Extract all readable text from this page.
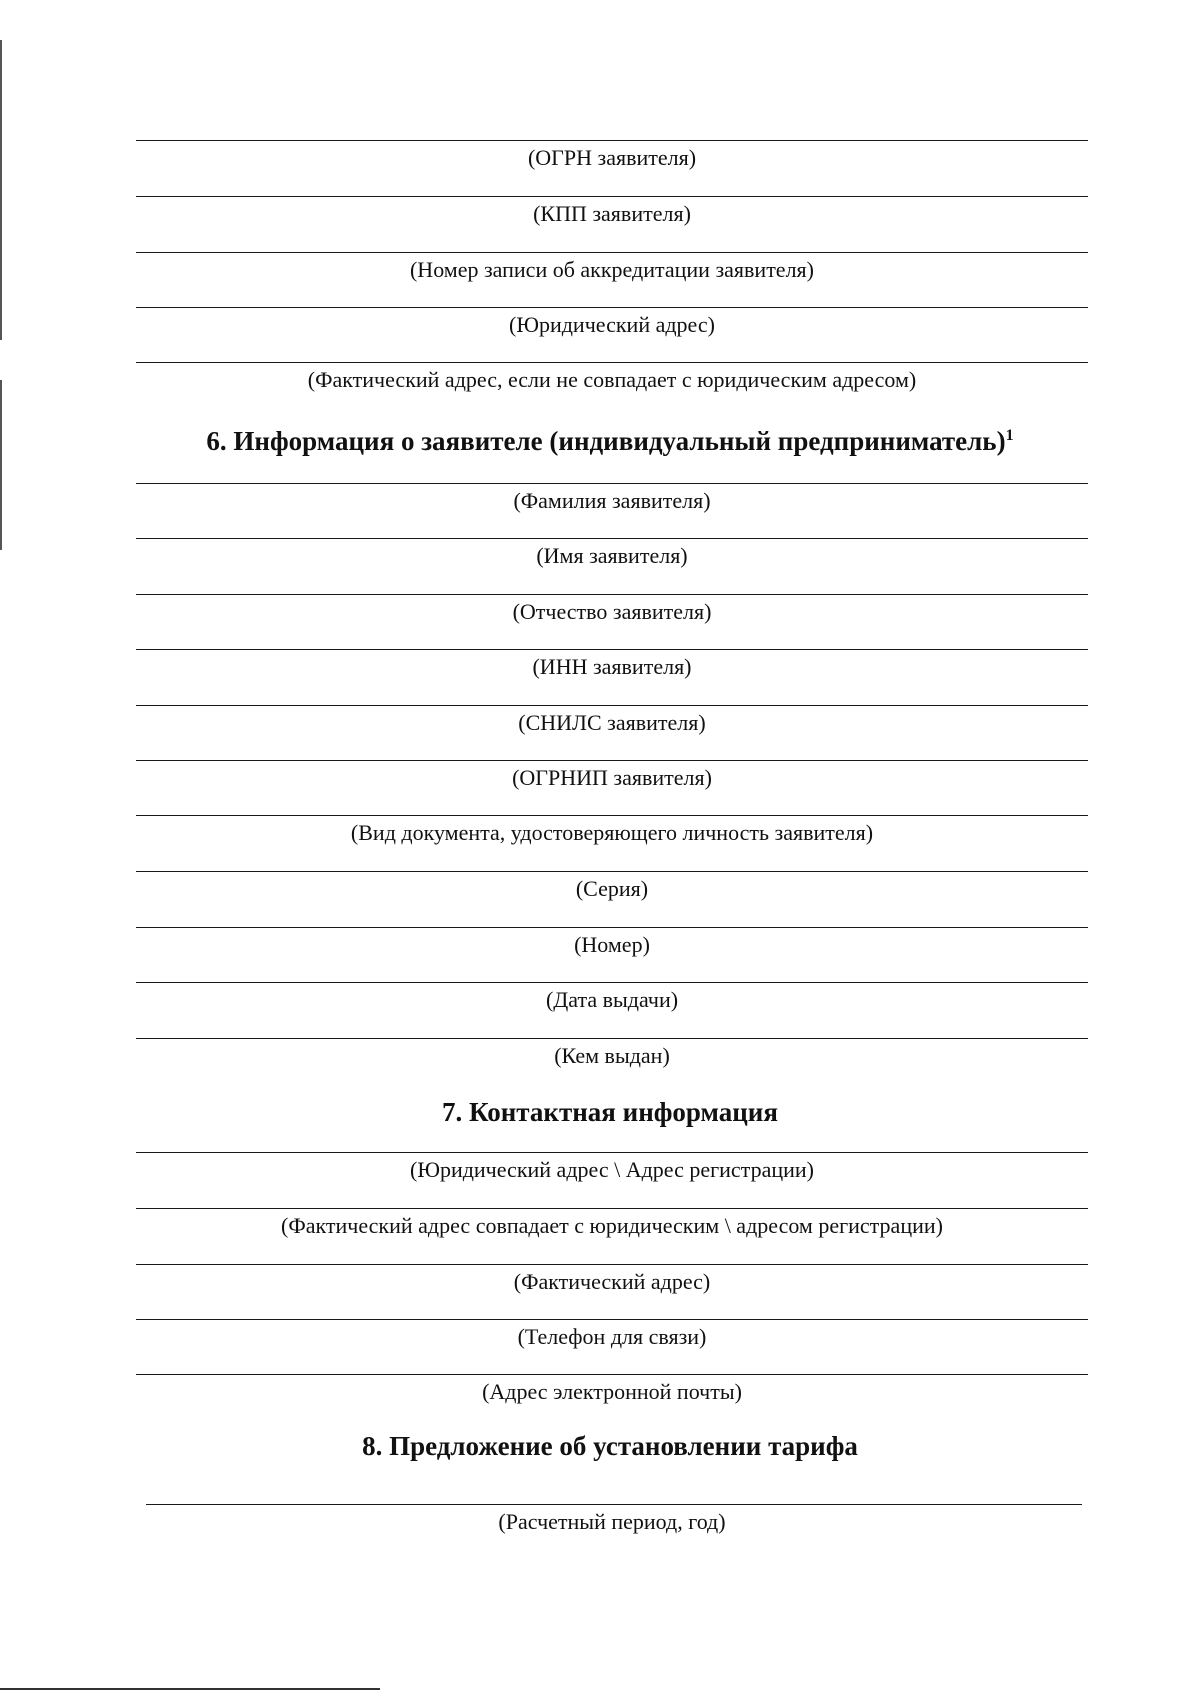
(ОГРН заявителя)
(КПП заявителя)
(Номер записи об аккредитации заявителя)
(Юридический адрес)
(Фактический адрес, если не совпадает с юридическим адресом)
6. Информация о заявителе (индивидуальный предприниматель)$^1$
(Фамилия заявителя)
(Имя заявителя)
(Отчество заявителя)
(ИНН заявителя)
(СНИЛС заявителя)
(ОГРНИП заявителя)
(Вид документа, удостоверяющего личность заявителя)
(Серия)
(Номер)
(Дата выдачи)
(Кем выдан)
7. Контактная информация
(Юридический адрес \ Адрес регистрации)
(Фактический адрес совпадает с юридическим \ адресом регистрации)
(Фактический адрес)
(Телефон для связи)
(Адрес электронной почты)
8. Предложение об установлении тарифа
(Расчетный период, год)
